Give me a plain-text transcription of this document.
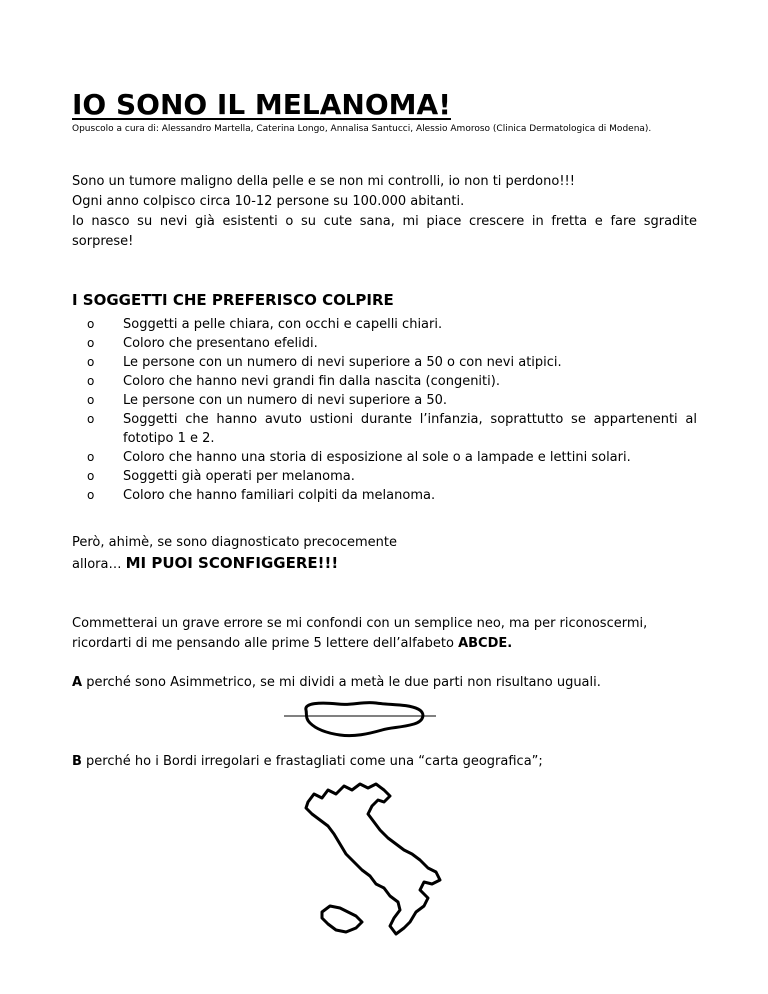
IO SONO IL MELANOMA!
Opuscolo a cura di: Alessandro Martella, Caterina Longo, Annalisa Santucci, Alessio Amoroso (Clinica Dermatologica di Modena).

Sono un tumore maligno della pelle e se non mi controlli, io non ti perdono!!!

Ogni anno colpisco circa 10-12 persone su 100.000 abitanti.

Io nasco su nevi già esistenti o su cute sana, mi piace crescere in fretta e fare sgradite sorprese!

I SOGGETTI CHE PREFERISCO COLPIRE
o Soggetti a pelle chiara, con occhi e capelli chiari.
o Coloro che presentano efelidi.
o Le persone con un numero di nevi superiore a 50 o con nevi atipici.
o Coloro che hanno nevi grandi fin dalla nascita (congeniti).
o Le persone con un numero di nevi superiore a 50.
o Soggetti che hanno avuto ustioni durante l’infanzia, soprattutto se appartenenti al fototipo 1 e 2.
o Coloro che hanno una storia di esposizione al sole o a lampade e lettini solari.
o Soggetti già operati per melanoma.
o Coloro che hanno familiari colpiti da melanoma.

Però, ahimè, se sono diagnosticato precocemente

allora… MI PUOI SCONFIGGERE!!!

Commetterai un grave errore se mi confondi con un semplice neo, ma per riconoscermi, ricordarti di me pensando alle prime 5 lettere dell’alfabeto ABCDE.

A perché sono Asimmetrico, se mi dividi a metà le due parti non risultano uguali.
B perché ho i Bordi irregolari e frastagliati come una “carta geografica”;
